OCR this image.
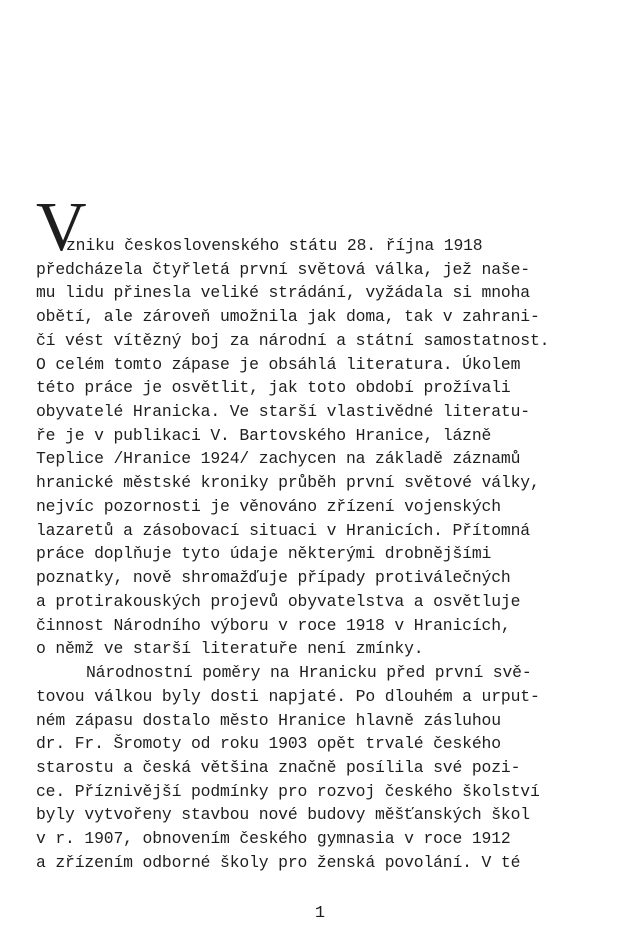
V
zniku československého státu 28. října 1918
předcházela čtyřletá první světová válka, jež naše-
mu lidu přinesla veliké strádání, vyžádala si mnoha
obětí, ale zároveň umožnila jak doma, tak v zahrani-
čí vést vítězný boj za národní a státní samostatnost.
O celém tomto zápase je obsáhlá literatura. Úkolem
této práce je osvětlit, jak toto období prožívali
obyvatelé Hranicka. Ve starší vlastivědné literatu-
ře je v publikaci V. Bartovského Hranice, lázně
Teplice /Hranice 1924/ zachycen na základě záznamů
hranické městské kroniky průběh první světové války,
nejvíc pozornosti je věnováno zřízení vojenských
lazaretů a zásobovací situaci v Hranicích. Přítomná
práce doplňuje tyto údaje některými drobnějšími
poznatky, nově shromažďuje případy protiválečných
a protirakouských projevů obyvatelstva a osvětluje
činnost Národního výboru v roce 1918 v Hranicích,
o němž ve starší literatuře není zmínky.
Národnostní poměry na Hranicku před první svě-
tovou válkou byly dosti napjaté. Po dlouhém a urput-
ném zápasu dostalo město Hranice hlavně zásluhou
dr. Fr. Šromoty od roku 1903 opět trvalé českého
starostu a česká většina značně posílila své pozi-
ce. Příznivější podmínky pro rozvoj českého školství
byly vytvořeny stavbou nové budovy měšťanských škol
v r. 1907, obnovením českého gymnasia v roce 1912
a zřízením odborné školy pro ženská povolání. V té
1
